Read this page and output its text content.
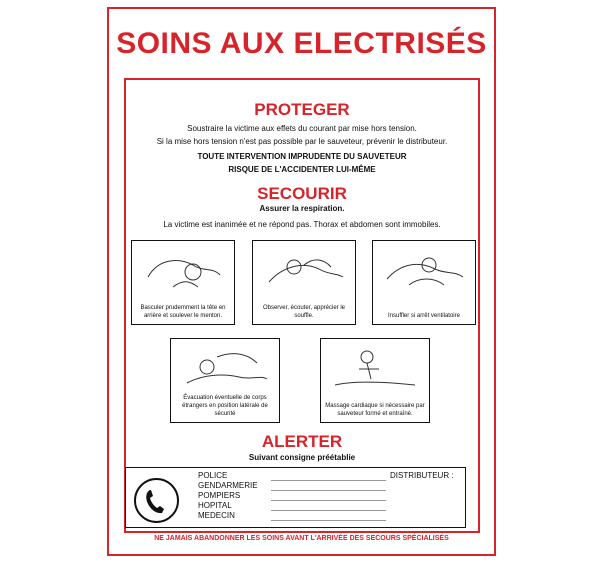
SOINS AUX ELECTRISÉS
PROTEGER
Soustraire la victime aux effets du courant par mise hors tension.
Si la mise hors tension n'est pas possible par le sauveteur, prévenir le distributeur.
TOUTE INTERVENTION IMPRUDENTE DU SAUVETEUR
RISQUE DE L'ACCIDENTER LUI-MÊME
SECOURIR
Assurer la respiration.
La victime est inanimée et ne répond pas. Thorax et abdomen sont immobiles.
Basculer prudemment la tête en arrière et soulever le menton.
Observer, écouter, apprécier le souffle.	Insuffler si arrêt ventilatoire
Évacuation éventuelle de corps étrangers en position latérale de sécurité
Massage cardiaque si nécessaire par sauveteur formé et entraîné.
ALERTER
Suivant consigne préétablie
POLICE
GENDARMERIE
POMPIERS
HOPITAL
MEDECIN
DISTRIBUTEUR :
NE JAMAIS ABANDONNER LES SOINS AVANT L'ARRIVÉE DES SECOURS SPÉCIALISÉS
